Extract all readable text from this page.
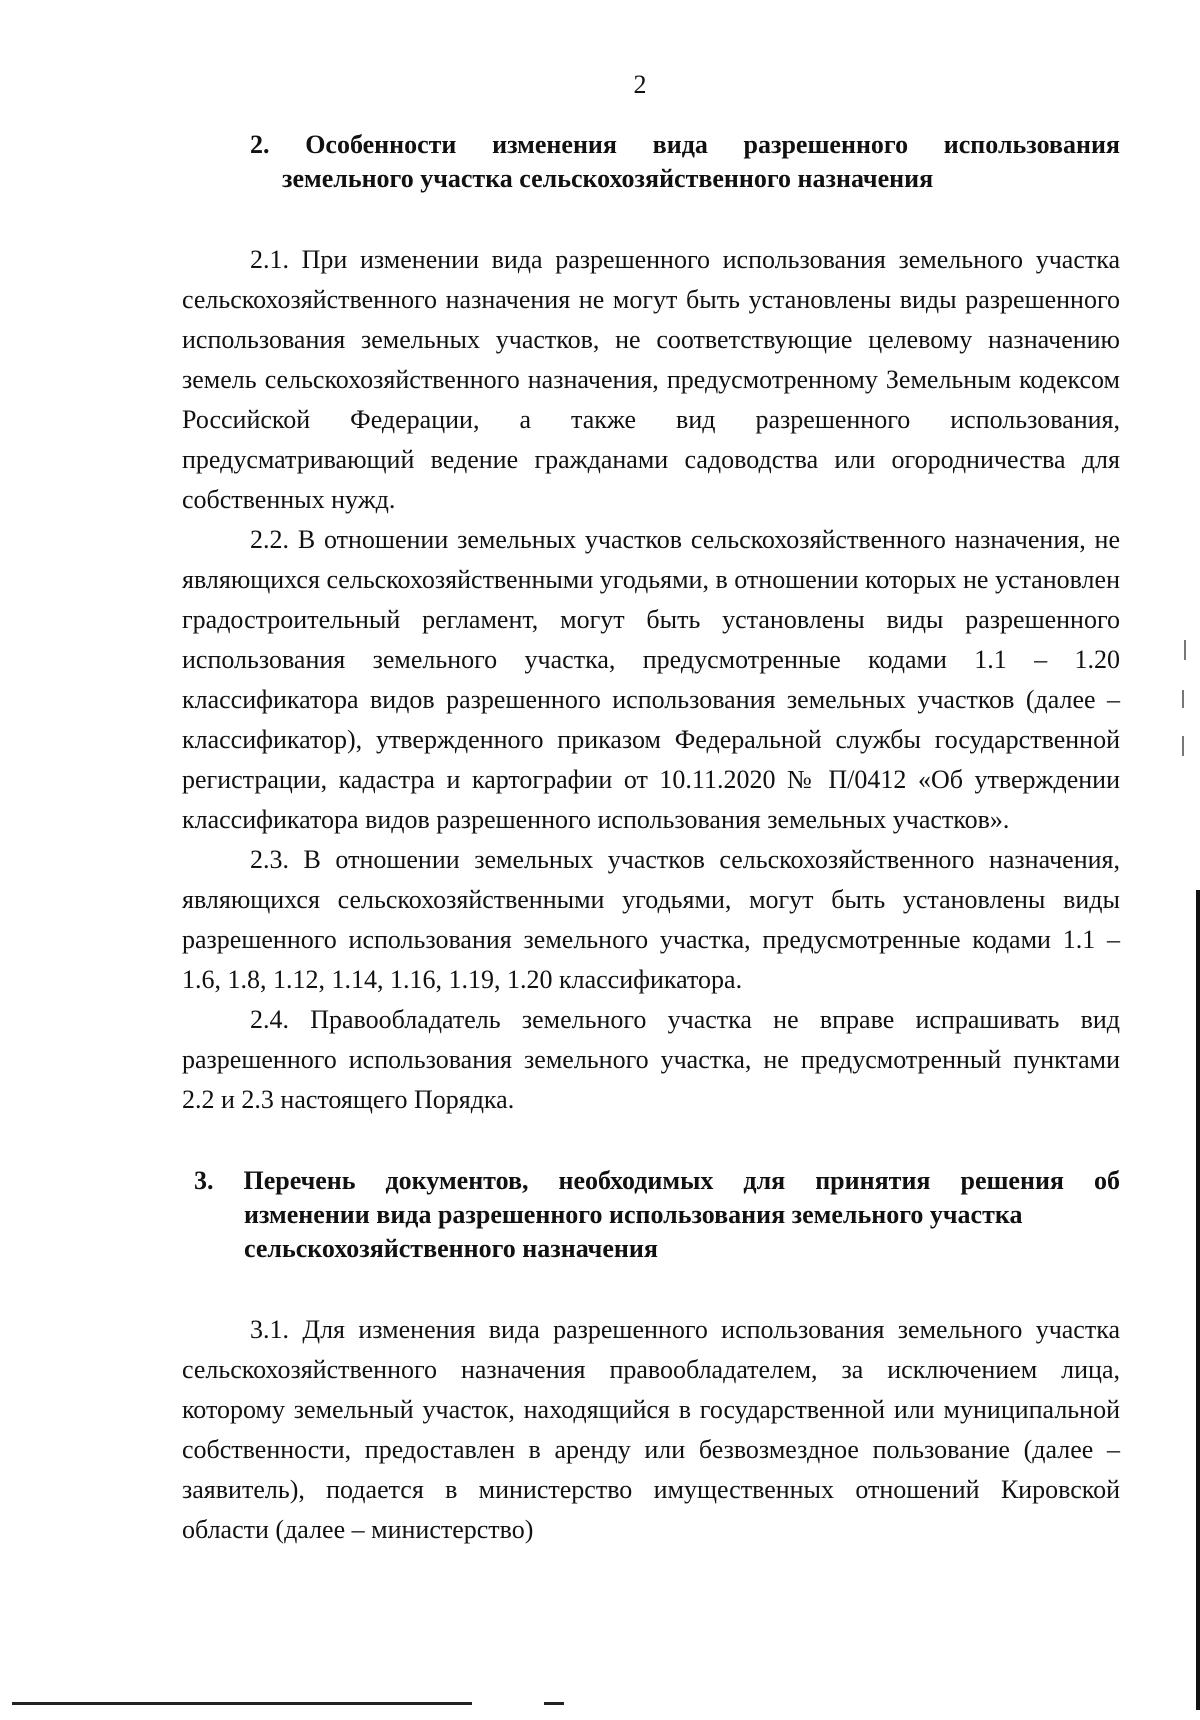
2
2. Особенности изменения вида разрешенного использования
земельного участка сельскохозяйственного назначения

2.1. При изменении вида разрешенного использования земельного участка сельскохозяйственного назначения не могут быть установлены виды разрешенного использования земельных участков, не соответствующие целевому назначению земель сельскохозяйственного назначения, предусмотренному Земельным кодексом Российской Федерации, а также вид разрешенного использования, предусматривающий ведение гражданами садоводства или огородничества для собственных нужд.

2.2. В отношении земельных участков сельскохозяйственного назначения, не являющихся сельскохозяйственными угодьями, в отношении которых не установлен градостроительный регламент, могут быть установлены виды разрешенного использования земельного участка, предусмотренные кодами 1.1 – 1.20 классификатора видов разрешенного использования земельных участков (далее – классификатор), утвержденного приказом Федеральной службы государственной регистрации, кадастра и картографии от 10.11.2020 № П/0412 «Об утверждении классификатора видов разрешенного использования земельных участков».

2.3. В отношении земельных участков сельскохозяйственного назначения, являющихся сельскохозяйственными угодьями, могут быть установлены виды разрешенного использования земельного участка, предусмотренные кодами 1.1 – 1.6, 1.8, 1.12, 1.14, 1.16, 1.19, 1.20 классификатора.

2.4. Правообладатель земельного участка не вправе испрашивать вид разрешенного использования земельного участка, не предусмотренный пунктами 2.2 и 2.3 настоящего Порядка.

3. Перечень документов, необходимых для принятия решения об
изменении вида разрешенного использования земельного участка
сельскохозяйственного назначения

3.1. Для изменения вида разрешенного использования земельного участка сельскохозяйственного назначения правообладателем, за исключением лица, которому земельный участок, находящийся в государственной или муниципальной собственности, предоставлен в аренду или безвозмездное пользование (далее – заявитель), подается в министерство имущественных отношений Кировской области (далее – министерство)
